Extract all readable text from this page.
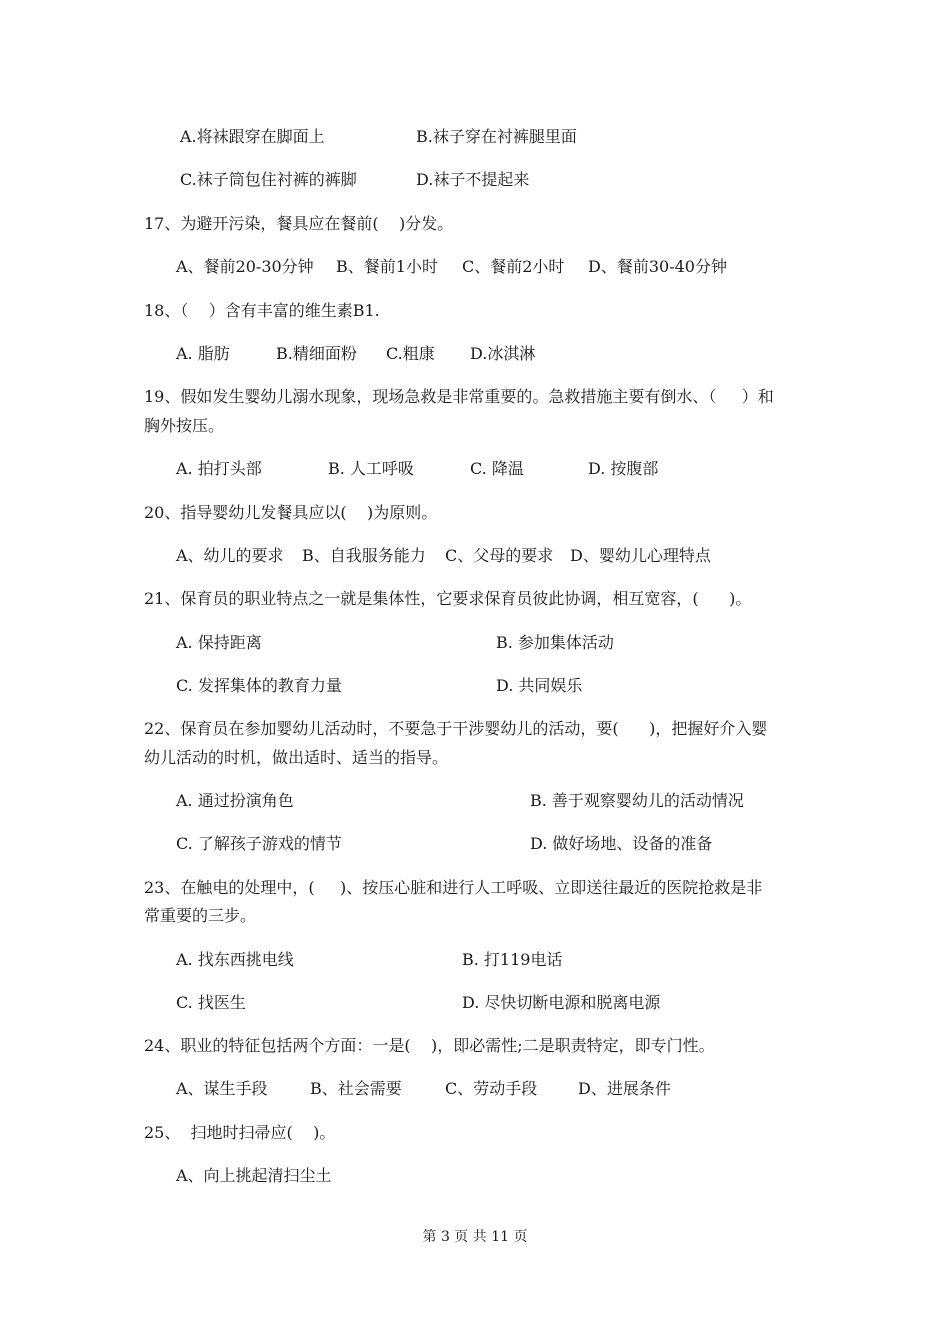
A.将袜跟穿在脚面上	B.袜子穿在衬裤腿里面
C.袜子筒包住衬裤的裤脚	D.袜子不提起来
17、为避开污染，餐具应在餐前(    )分发。
A、餐前20-30分钟 B、餐前1小时 C、餐前2小时 D、餐前30-40分钟
18、（    ）含有丰富的维生素B1.
A. 脂肪	B.精细面粉 C.粗康 D.冰淇淋
19、假如发生婴幼儿溺水现象，现场急救是非常重要的。急救措施主要有倒水、（     ）和
胸外按压。
A. 拍打头部	B. 人工呼吸	C. 降温	D. 按腹部
20、指导婴幼儿发餐具应以(    )为原则。
A、幼儿的要求 B、自我服务能力 C、父母的要求 D、婴幼儿心理特点
21、保育员的职业特点之一就是集体性，它要求保育员彼此协调，相互宽容，(      )。
A. 保持距离	B. 参加集体活动
C. 发挥集体的教育力量	D. 共同娱乐
22、保育员在参加婴幼儿活动时，不要急于干涉婴幼儿的活动，要(      )，把握好介入婴
幼儿活动的时机，做出适时、适当的指导。
A. 通过扮演角色	B. 善于观察婴幼儿的活动情况
C. 了解孩子游戏的情节	D. 做好场地、设备的准备
23、在触电的处理中，(     )、按压心脏和进行人工呼吸、立即送往最近的医院抢救是非
常重要的三步。
A. 找东西挑电线	B. 打119电话
C. 找医生	D. 尽快切断电源和脱离电源
24、职业的特征包括两个方面：一是(    )，即必需性;二是职责特定，即专门性。
A、谋生手段	B、社会需要	C、劳动手段	D、进展条件
25、  扫地时扫帚应(    )。
A、向上挑起清扫尘土
第 3 页 共 11 页
